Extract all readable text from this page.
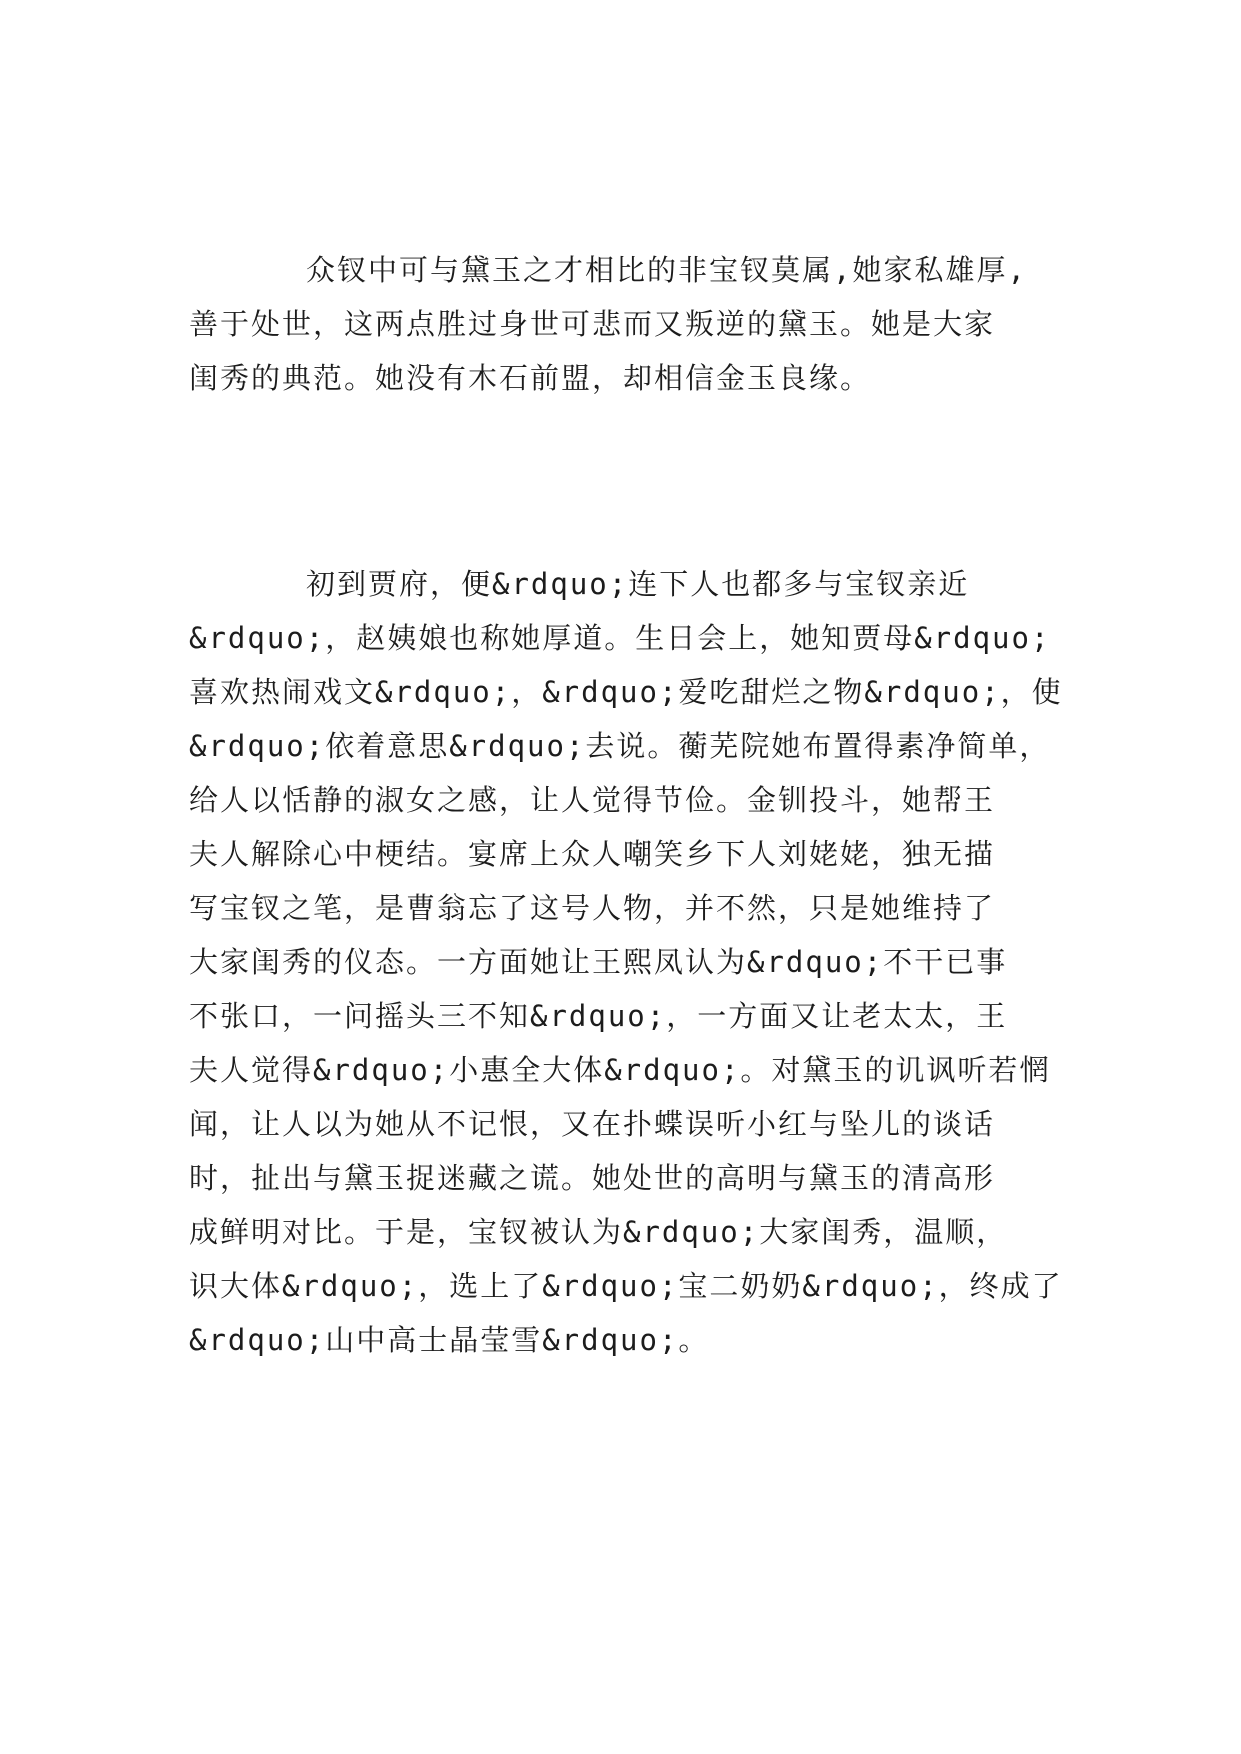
众钗中可与黛玉之才相比的非宝钗莫属,她家私雄厚,

善于处世，这两点胜过身世可悲而又叛逆的黛玉。她是大家

闺秀的典范。她没有木石前盟，却相信金玉良缘。

初到贾府，便&rdquo;连下人也都多与宝钗亲近

&rdquo;，赵姨娘也称她厚道。生日会上，她知贾母&rdquo;

喜欢热闹戏文&rdquo;，&rdquo;爱吃甜烂之物&rdquo;，使

&rdquo;依着意思&rdquo;去说。蘅芜院她布置得素净简单，

给人以恬静的淑女之感，让人觉得节俭。金钏投斗，她帮王

夫人解除心中梗结。宴席上众人嘲笑乡下人刘姥姥，独无描

写宝钗之笔，是曹翁忘了这号人物，并不然，只是她维持了

大家闺秀的仪态。一方面她让王熙凤认为&rdquo;不干已事

不张口，一问摇头三不知&rdquo;，一方面又让老太太，王

夫人觉得&rdquo;小惠全大体&rdquo;。对黛玉的讥讽听若惘

闻，让人以为她从不记恨，又在扑蝶误听小红与坠儿的谈话

时，扯出与黛玉捉迷藏之谎。她处世的高明与黛玉的清高形

成鲜明对比。于是，宝钗被认为&rdquo;大家闺秀，温顺，

识大体&rdquo;，选上了&rdquo;宝二奶奶&rdquo;，终成了

&rdquo;山中高士晶莹雪&rdquo;。
